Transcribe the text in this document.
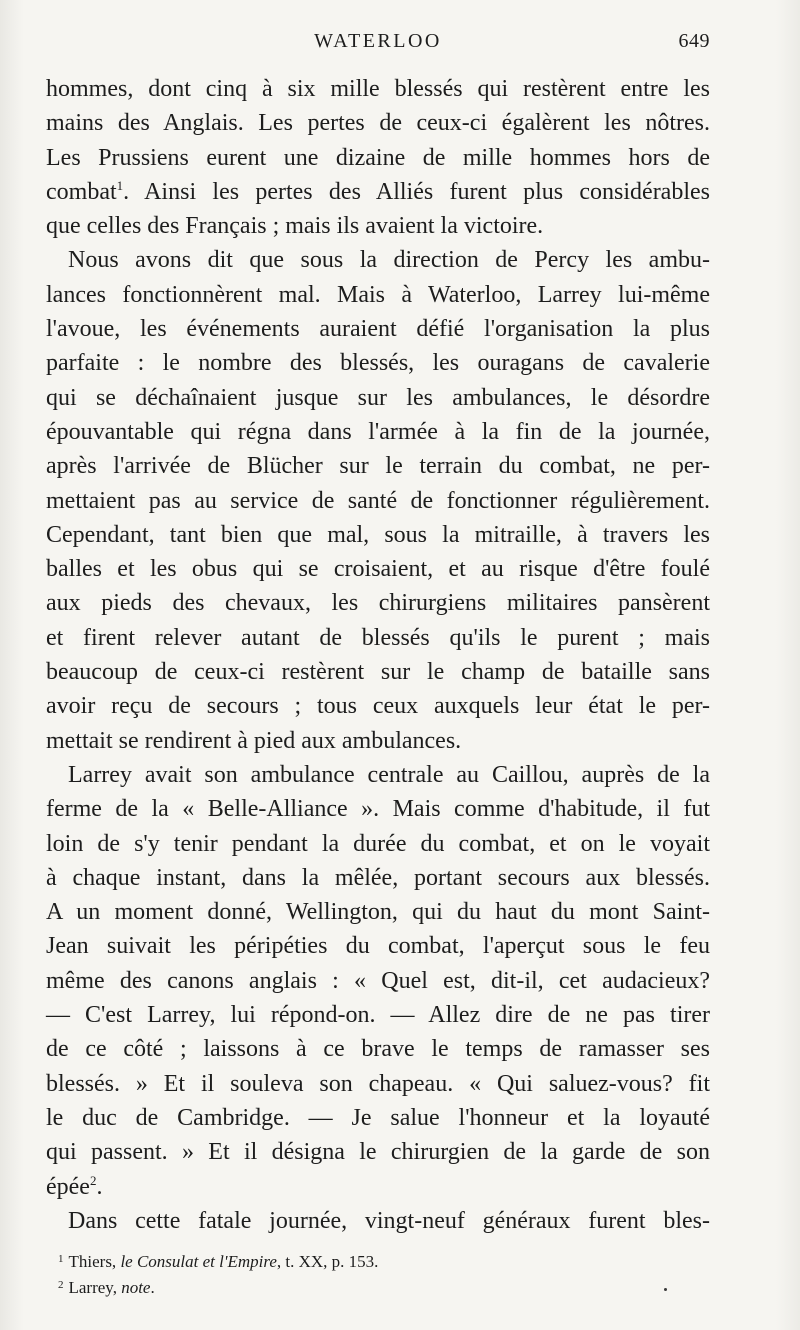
WATERLOO	649
hommes, dont cinq à six mille blessés qui restèrent entre les
mains des Anglais. Les pertes de ceux-ci égalèrent les nôtres.
Les Prussiens eurent une dizaine de mille hommes hors de
combat$^1$. Ainsi les pertes des Alliés furent plus considérables
que celles des Français ; mais ils avaient la victoire.
Nous avons dit que sous la direction de Percy les ambu-
lances fonctionnèrent mal. Mais à Waterloo, Larrey lui-même
l'avoue, les événements auraient défié l'organisation la plus
parfaite : le nombre des blessés, les ouragans de cavalerie
qui se déchaînaient jusque sur les ambulances, le désordre
épouvantable qui régna dans l'armée à la fin de la journée,
après l'arrivée de Blücher sur le terrain du combat, ne per-
mettaient pas au service de santé de fonctionner régulièrement.
Cependant, tant bien que mal, sous la mitraille, à travers les
balles et les obus qui se croisaient, et au risque d'être foulé
aux pieds des chevaux, les chirurgiens militaires pansèrent
et firent relever autant de blessés qu'ils le purent ; mais
beaucoup de ceux-ci restèrent sur le champ de bataille sans
avoir reçu de secours ; tous ceux auxquels leur état le per-
mettait se rendirent à pied aux ambulances.
Larrey avait son ambulance centrale au Caillou, auprès de la
ferme de la « Belle-Alliance ». Mais comme d'habitude, il fut
loin de s'y tenir pendant la durée du combat, et on le voyait
à chaque instant, dans la mêlée, portant secours aux blessés.
A un moment donné, Wellington, qui du haut du mont Saint-
Jean suivait les péripéties du combat, l'aperçut sous le feu
même des canons anglais : « Quel est, dit-il, cet audacieux?
— C'est Larrey, lui répond-on. — Allez dire de ne pas tirer
de ce côté ; laissons à ce brave le temps de ramasser ses
blessés. » Et il souleva son chapeau. « Qui saluez-vous? fit
le duc de Cambridge. — Je salue l'honneur et la loyauté
qui passent. » Et il désigna le chirurgien de la garde de son
épée$^2$.
Dans cette fatale journée, vingt-neuf généraux furent bles-
$^1$ Thiers, le Consulat et l'Empire, t. XX, p. 153.
$^2$ Larrey, note.
